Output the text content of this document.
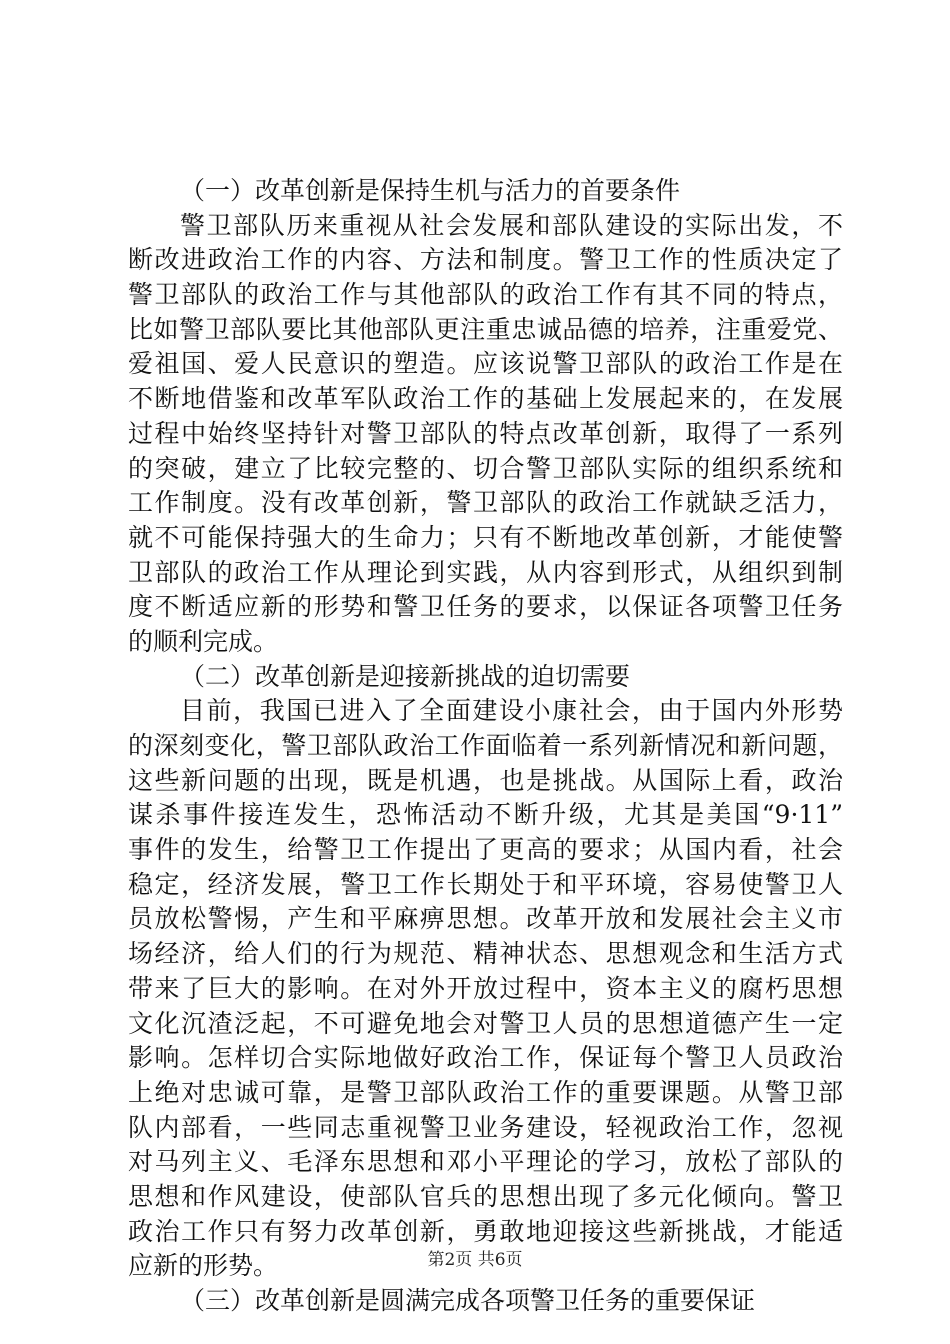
（一）改革创新是保持生机与活力的首要条件
警卫部队历来重视从社会发展和部队建设的实际出发，不
断改进政治工作的内容、方法和制度。警卫工作的性质决定了
警卫部队的政治工作与其他部队的政治工作有其不同的特点，
比如警卫部队要比其他部队更注重忠诚品德的培养，注重爱党、
爱祖国、爱人民意识的塑造。应该说警卫部队的政治工作是在
不断地借鉴和改革军队政治工作的基础上发展起来的，在发展
过程中始终坚持针对警卫部队的特点改革创新，取得了一系列
的突破，建立了比较完整的、切合警卫部队实际的组织系统和
工作制度。没有改革创新，警卫部队的政治工作就缺乏活力，
就不可能保持强大的生命力；只有不断地改革创新，才能使警
卫部队的政治工作从理论到实践，从内容到形式，从组织到制
度不断适应新的形势和警卫任务的要求，以保证各项警卫任务
的顺利完成。
（二）改革创新是迎接新挑战的迫切需要
目前，我国已进入了全面建设小康社会，由于国内外形势
的深刻变化，警卫部队政治工作面临着一系列新情况和新问题，
这些新问题的出现，既是机遇，也是挑战。从国际上看，政治
谋杀事件接连发生，恐怖活动不断升级，尤其是美国“9·11”
事件的发生，给警卫工作提出了更高的要求；从国内看，社会
稳定，经济发展，警卫工作长期处于和平环境，容易使警卫人
员放松警惕，产生和平麻痹思想。改革开放和发展社会主义市
场经济，给人们的行为规范、精神状态、思想观念和生活方式
带来了巨大的影响。在对外开放过程中，资本主义的腐朽思想
文化沉渣泛起，不可避免地会对警卫人员的思想道德产生一定
影响。怎样切合实际地做好政治工作，保证每个警卫人员政治
上绝对忠诚可靠，是警卫部队政治工作的重要课题。从警卫部
队内部看，一些同志重视警卫业务建设，轻视政治工作，忽视
对马列主义、毛泽东思想和邓小平理论的学习，放松了部队的
思想和作风建设，使部队官兵的思想出现了多元化倾向。警卫
政治工作只有努力改革创新，勇敢地迎接这些新挑战，才能适
应新的形势。
（三）改革创新是圆满完成各项警卫任务的重要保证
第2页 共6页
